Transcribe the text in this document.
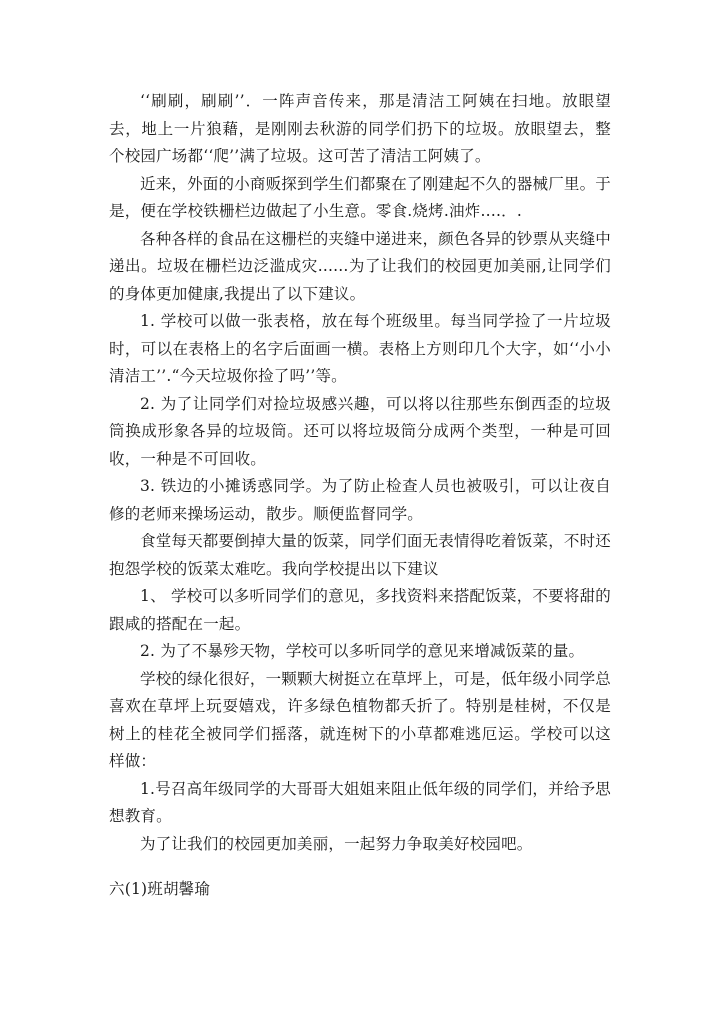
‘‘刷刷，刷刷’’．一阵声音传来，那是清洁工阿姨在扫地。放眼望去，地上一片狼藉，是刚刚去秋游的同学们扔下的垃圾。放眼望去，整个校园广场都‘‘爬’’满了垃圾。这可苦了清洁工阿姨了。

近来，外面的小商贩探到学生们都聚在了刚建起不久的器械厂里。于是，便在学校铁栅栏边做起了小生意。零食.烧烤.油炸….．.

各种各样的食品在这栅栏的夹缝中递进来，颜色各异的钞票从夹缝中递出。垃圾在栅栏边泛滥成灾......为了让我们的校园更加美丽,让同学们的身体更加健康,我提出了以下建议。

1. 学校可以做一张表格，放在每个班级里。每当同学捡了一片垃圾时，可以在表格上的名字后面画一横。表格上方则印几个大字，如‘‘小小清洁工’’.“今天垃圾你捡了吗’’等。

2. 为了让同学们对捡垃圾感兴趣，可以将以往那些东倒西歪的垃圾筒换成形象各异的垃圾筒。还可以将垃圾筒分成两个类型，一种是可回收，一种是不可回收。

3. 铁边的小摊诱惑同学。为了防止检查人员也被吸引，可以让夜自修的老师来操场运动，散步。顺便监督同学。

食堂每天都要倒掉大量的饭菜，同学们面无表情得吃着饭菜，不时还抱怨学校的饭菜太难吃。我向学校提出以下建议

1、 学校可以多听同学们的意见，多找资料来搭配饭菜，不要将甜的跟咸的搭配在一起。

2. 为了不暴殄天物，学校可以多听同学的意见来增减饭菜的量。

学校的绿化很好，一颗颗大树挺立在草坪上，可是，低年级小同学总喜欢在草坪上玩耍嬉戏，许多绿色植物都夭折了。特别是桂树，不仅是树上的桂花全被同学们摇落，就连树下的小草都难逃厄运。学校可以这样做：

1.号召高年级同学的大哥哥大姐姐来阻止低年级的同学们，并给予思想教育。

为了让我们的校园更加美丽，一起努力争取美好校园吧。

六(1)班胡馨瑜
